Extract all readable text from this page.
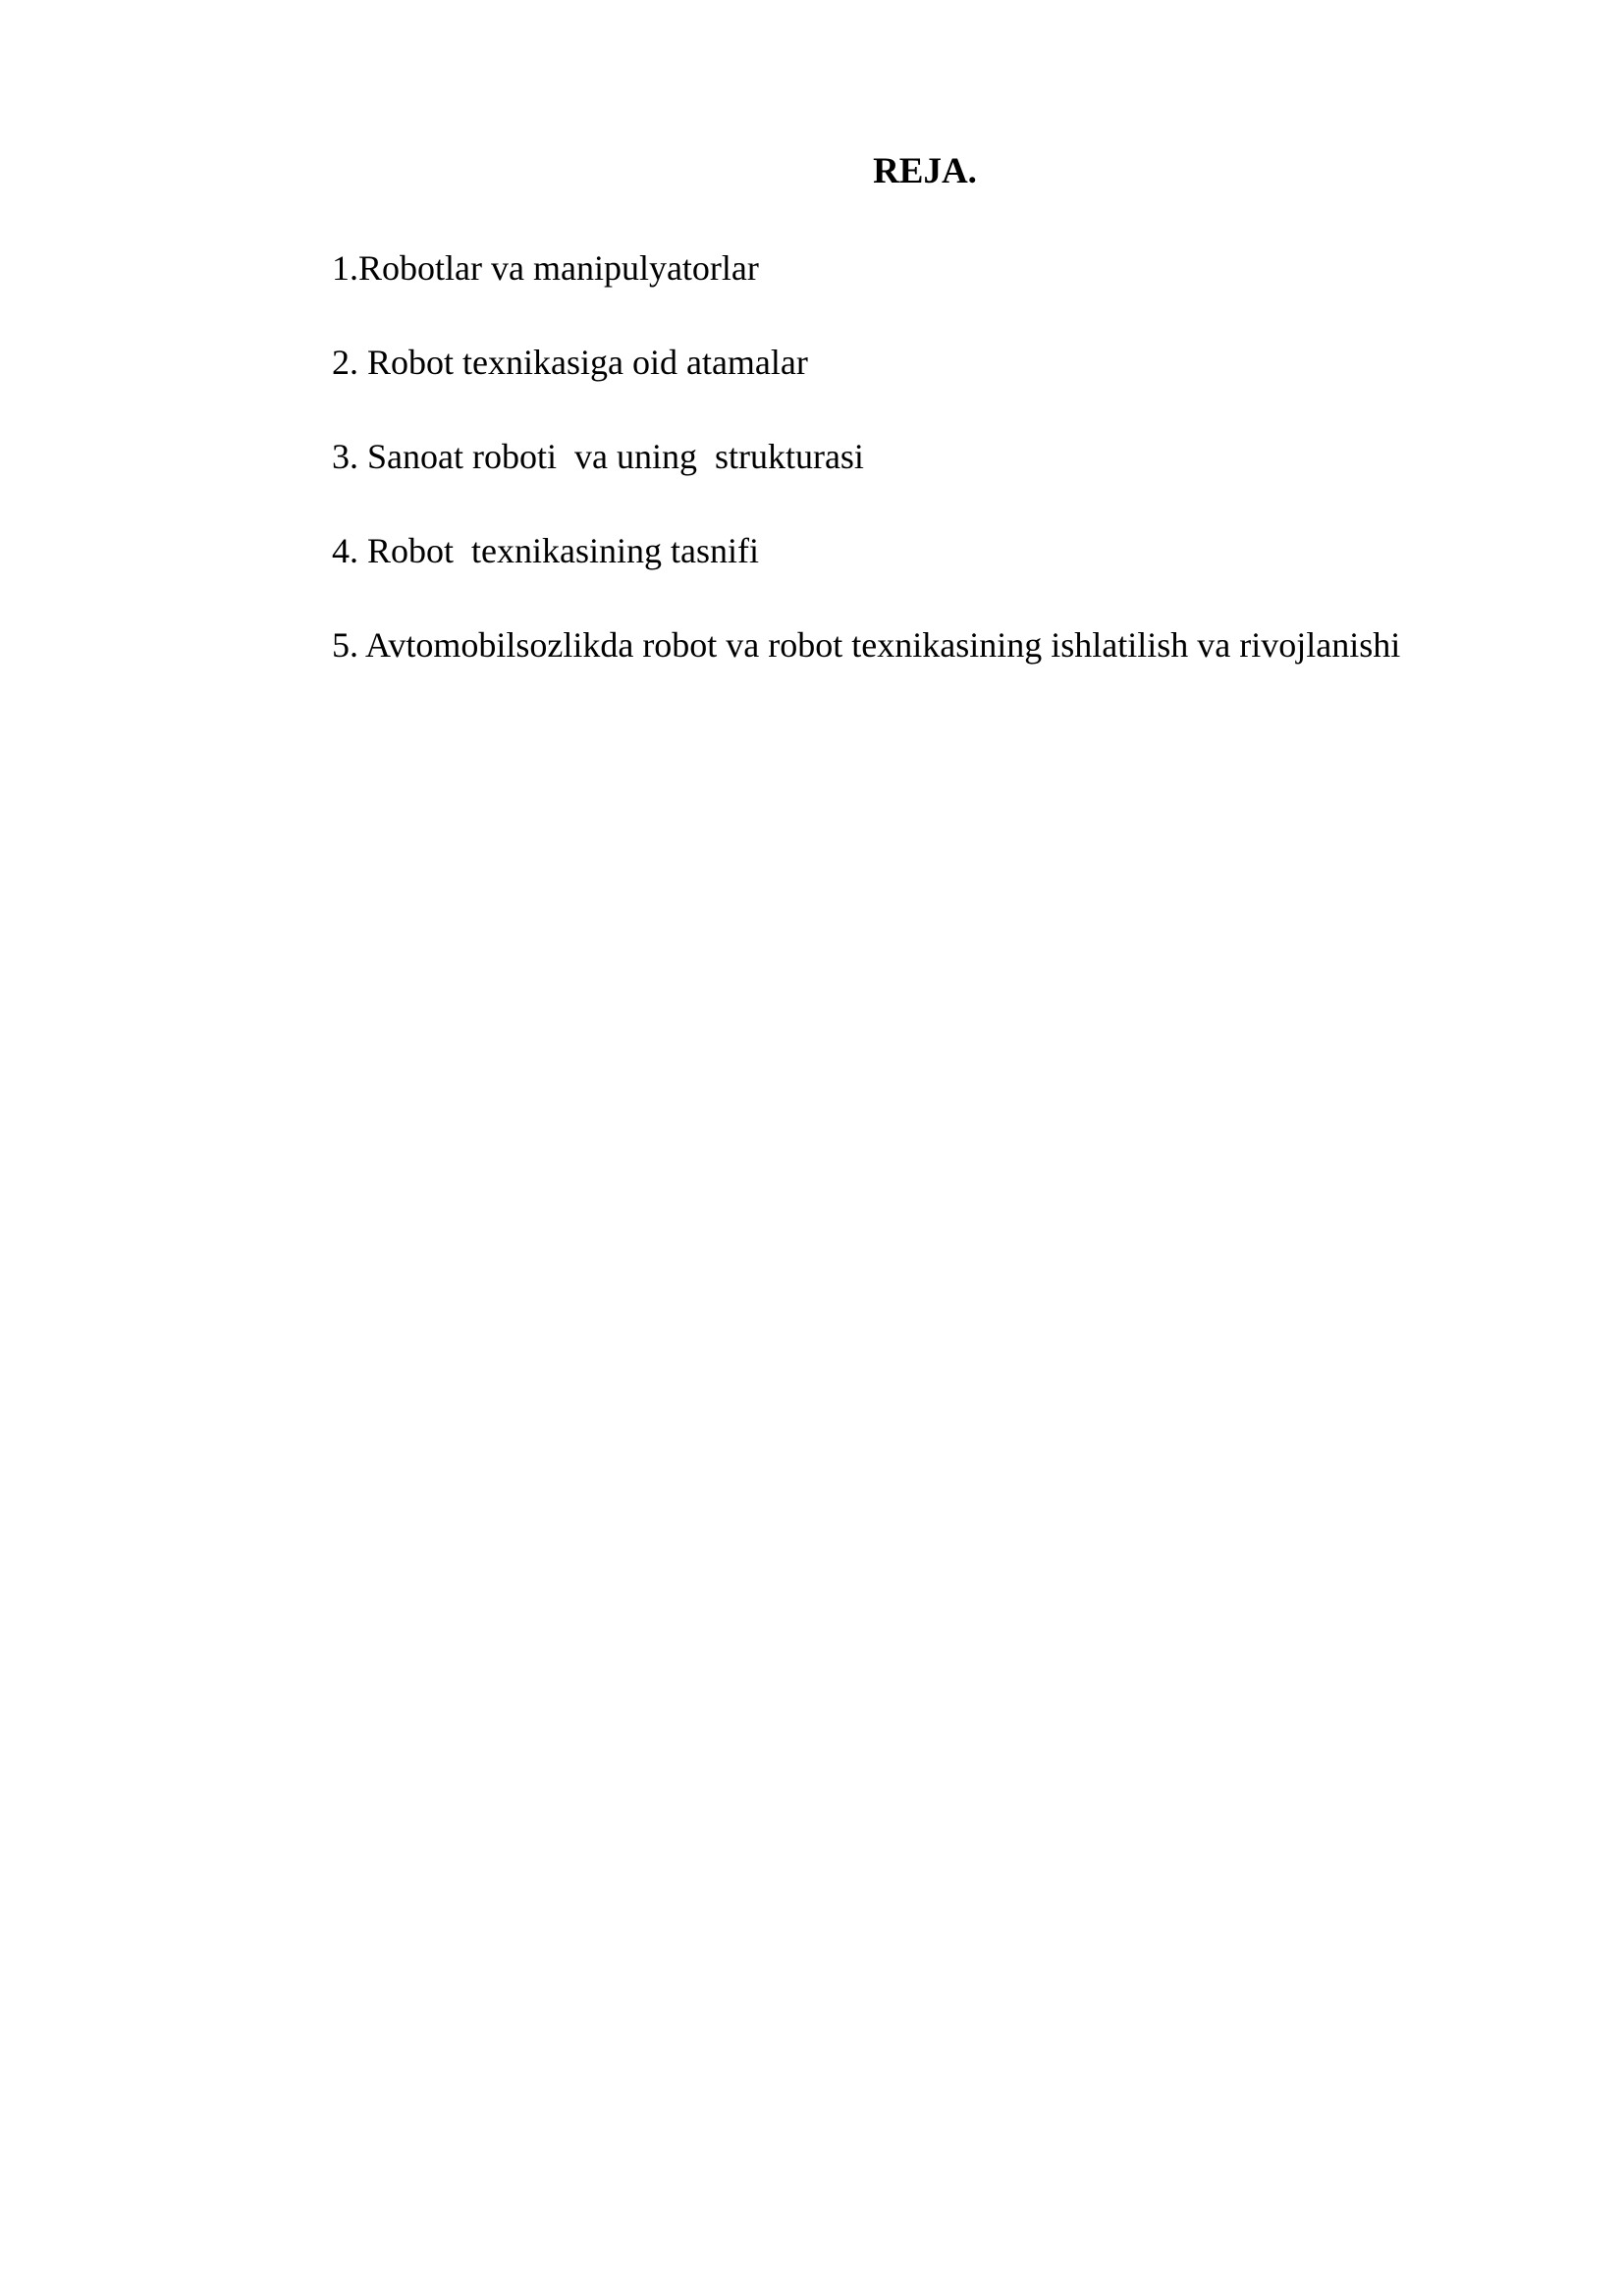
REJA.
1.Robotlar va manipulyatorlar
2. Robot texnikasiga oid atamalar
3. Sanoat roboti  va uning  strukturasi
4. Robot  texnikasining tasnifi
5. Avtomobilsozlikda robot va robot texnikasining ishlatilish va rivojlanishi
